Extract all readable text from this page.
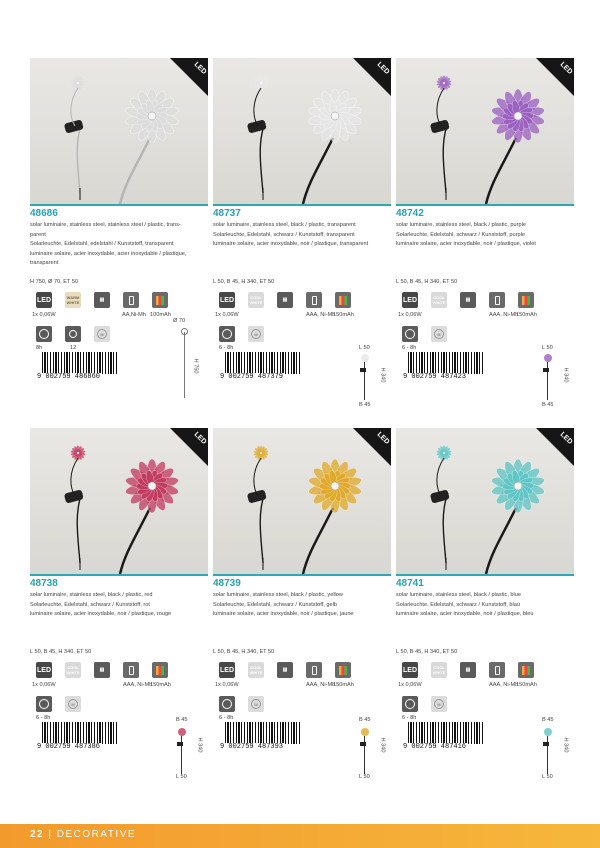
LED
48686
solar luminaire, stainless steel, stainless steel / plastic, trans-
parent
Solarleuchte, Edelstahl, edelstahl / Kunststoff, transparent
luminaire solaire, acier inoxydable, acier inoxydable / plastique,
transparent
H 750, Ø 70, ET 50
LED	WARM WHITE	▤
1x 0,06W	AA,Ni-Mh 100mAh
III
8h	12
9 002759 486860
Ø 70
H 750
LED
48737
solar luminaire, stainless steel, black / plastic, transparent
Solarleuchte, Edelstahl, schwarz / Kunststoff, transparent
luminaire solaire, acier inoxydable, noir / plastique, transparent
L 50, B 45, H 340, ET 50
LED	COOL WHITE	▤
1x 0,06W	AAA, Ni-Mh
150mAh
III
6 - 8h
9 002759 487379
L 50
H 340
B 45
LED
48742
solar luminaire, stainless steel, black / plastic, purple
Solarleuchte, Edelstahl, schwarz / Kunststoff, purple
luminaire solaire, acier inoxydable, noir / plastique, violet
L 50, B 45, H 340, ET 50
LED	COOL WHITE	▤
1x 0,06W	AAA, Ni-Mh
150mAh
III
6 - 8h
9 002759 487423
L 50
H 340
B 45
LED
48738
solar luminaire, stainless steel, black / plastic, red
Solarleuchte, Edelstahl, schwarz / Kunststoff, rot
luminaire solaire, acier inoxydable, noir / plastique, rouge
L 50, B 45, H 340, ET 50
LED	COOL WHITE	▤
1x 0,06W	AAA, Ni-Mh
150mAh
III
6 - 8h
9 002759 487386
B 45
H 340
L 50
LED
48739
solar luminaire, stainless steel, black / plastic, yellow
Solarleuchte, Edelstahl, schwarz / Kunststoff, gelb
luminaire solaire, acier inoxydable, noir / plastique, jaune
L 50, B 45, H 340, ET 50
LED	COOL WHITE	▤
1x 0,06W	AAA, Ni-Mh
150mAh
III
6 - 8h
9 002759 487393
B 45
H 340
L 50
LED
48741
solar luminaire, stainless steel, black / plastic, blue
Solarleuchte, Edelstahl, schwarz / Kunststoff, blau
luminaire solaire, acier inoxydable, noir / plastique, bleu
L 50, B 45, H 340, ET 50
LED	COOL WHITE	▤
1x 0,06W	AAA, Ni-Mh
150mAh
III
6 - 8h
9 002759 487416
B 45
H 340
L 50
22 | DECORATIVE
